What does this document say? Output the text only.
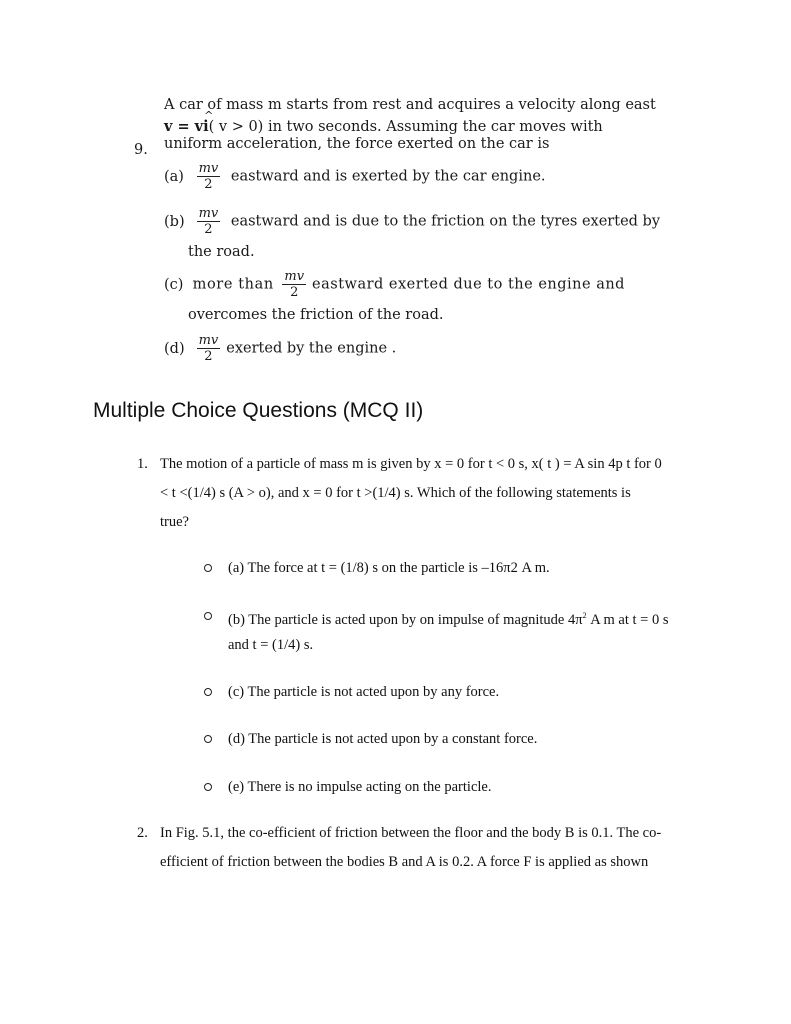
A car of mass m starts from rest and acquires a velocity along east
v = v^ i( v > 0) in two seconds. Assuming the car moves with
9. uniform acceleration, the force exerted on the car is
$(a) \frac{mv}{2}$ eastward and is exerted by the car engine.
$(b) \frac{mv}{2}$ eastward and is due to the friction on the tyres exerted by
the road.
(c) more than $\frac{mv}{2}$ eastward exerted due to the engine and
overcomes the friction of the road.
$(d) \frac{mv}{2}$ exerted by the engine .
Multiple Choice Questions (MCQ II)
1. The motion of a particle of mass m is given by x = 0 for t < 0 s, x( t ) = A sin 4p t for 0
< t <(1/4) s (A > o), and x = 0 for t >(1/4) s. Which of the following statements is
true?
(a) The force at t = (1/8) s on the particle is –16π2 A m.
(b) The particle is acted upon by on impulse of magnitude $4\pi^2$ A m at t = 0 s
and t = (1/4) s.
(c) The particle is not acted upon by any force.
(d) The particle is not acted upon by a constant force.
(e) There is no impulse acting on the particle.
2. In Fig. 5.1, the co-efficient of friction between the floor and the body B is 0.1. The co-
efficient of friction between the bodies B and A is 0.2. A force F is applied as shown
